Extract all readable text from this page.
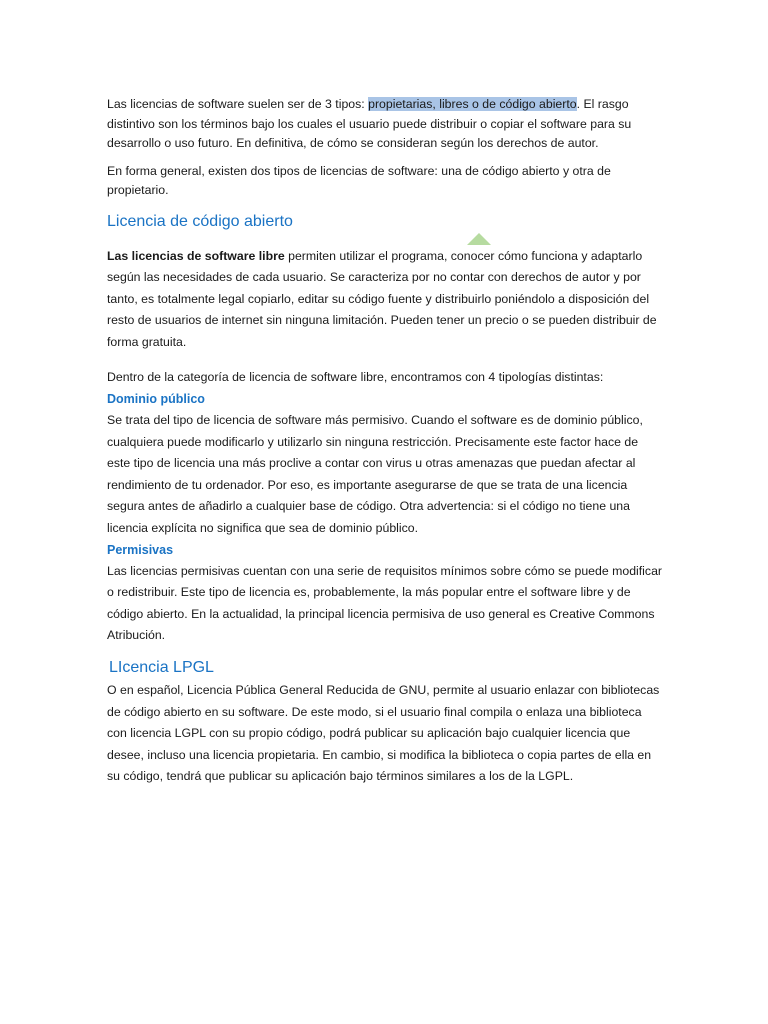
Las licencias de software suelen ser de 3 tipos: propietarias, libres o de código abierto. El rasgo distintivo son los términos bajo los cuales el usuario puede distribuir o copiar el software para su desarrollo o uso futuro. En definitiva, de cómo se consideran según los derechos de autor.

En forma general, existen dos tipos de licencias de software: una de código abierto y otra de propietario.

Licencia de código abierto

Las licencias de software libre permiten utilizar el programa, conocer cómo funciona y adaptarlo según las necesidades de cada usuario. Se caracteriza por no contar con derechos de autor y por tanto, es totalmente legal copiarlo, editar su código fuente y distribuirlo poniéndolo a disposición del resto de usuarios de internet sin ninguna limitación. Pueden tener un precio o se pueden distribuir de forma gratuita.

Dentro de la categoría de licencia de software libre, encontramos con 4 tipologías distintas:

Dominio público

Se trata del tipo de licencia de software más permisivo. Cuando el software es de dominio público, cualquiera puede modificarlo y utilizarlo sin ninguna restricción. Precisamente este factor hace de este tipo de licencia una más proclive a contar con virus u otras amenazas que puedan afectar al rendimiento de tu ordenador. Por eso, es importante asegurarse de que se trata de una licencia segura antes de añadirlo a cualquier base de código. Otra advertencia: si el código no tiene una licencia explícita no significa que sea de dominio público.

Permisivas

Las licencias permisivas cuentan con una serie de requisitos mínimos sobre cómo se puede modificar o redistribuir. Este tipo de licencia es, probablemente, la más popular entre el software libre y de código abierto. En la actualidad, la principal licencia permisiva de uso general es Creative Commons Atribución.

LIcencia LPGL

O en español, Licencia Pública General Reducida de GNU, permite al usuario enlazar con bibliotecas de código abierto en su software. De este modo, si el usuario final compila o enlaza una biblioteca con licencia LGPL con su propio código, podrá publicar su aplicación bajo cualquier licencia que desee, incluso una licencia propietaria. En cambio, si modifica la biblioteca o copia partes de ella en su código, tendrá que publicar su aplicación bajo términos similares a los de la LGPL.
